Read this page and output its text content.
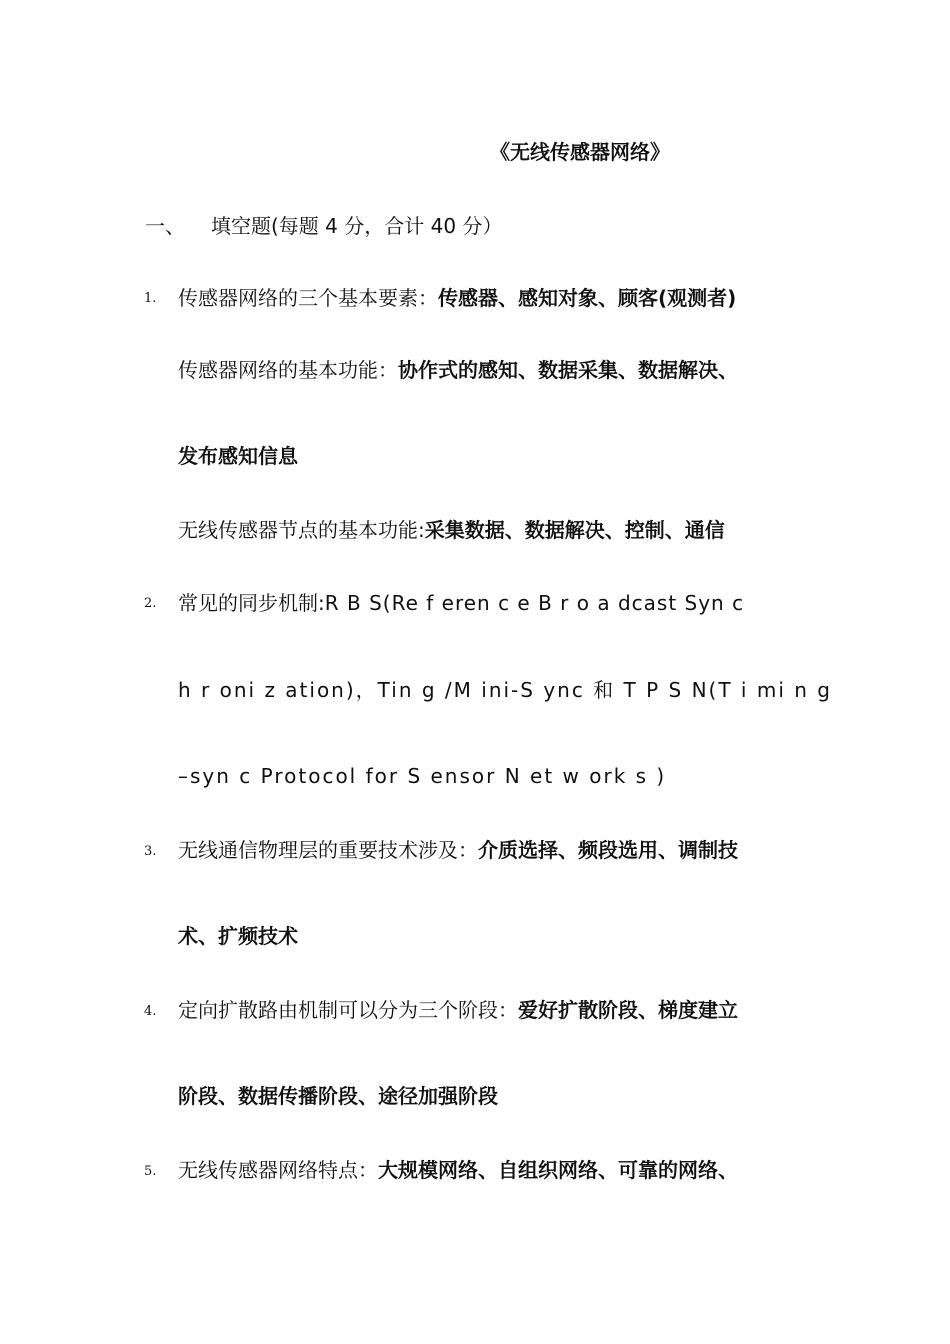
《无线传感器网络》
一、 填空题(每题 4 分，合计 40 分）
1. 传感器网络的三个基本要素：传感器、感知对象、顾客(观测者)
传感器网络的基本功能：协作式的感知、数据采集、数据解决、
发布感知信息
无线传感器节点的基本功能:采集数据、数据解决、控制、通信
2. 常见的同步机制:R B S(Re f eren c e B r o a dcast Syn c
h r oni z ation)，Tin g /M ini-S ync 和 T P S N(T i mi n g
–syn c Protocol for S ensor N et w ork s )
3. 无线通信物理层的重要技术涉及：介质选择、频段选用、调制技
术、扩频技术
4. 定向扩散路由机制可以分为三个阶段：爱好扩散阶段、梯度建立
阶段、数据传播阶段、途径加强阶段
5. 无线传感器网络特点：大规模网络、自组织网络、可靠的网络、
